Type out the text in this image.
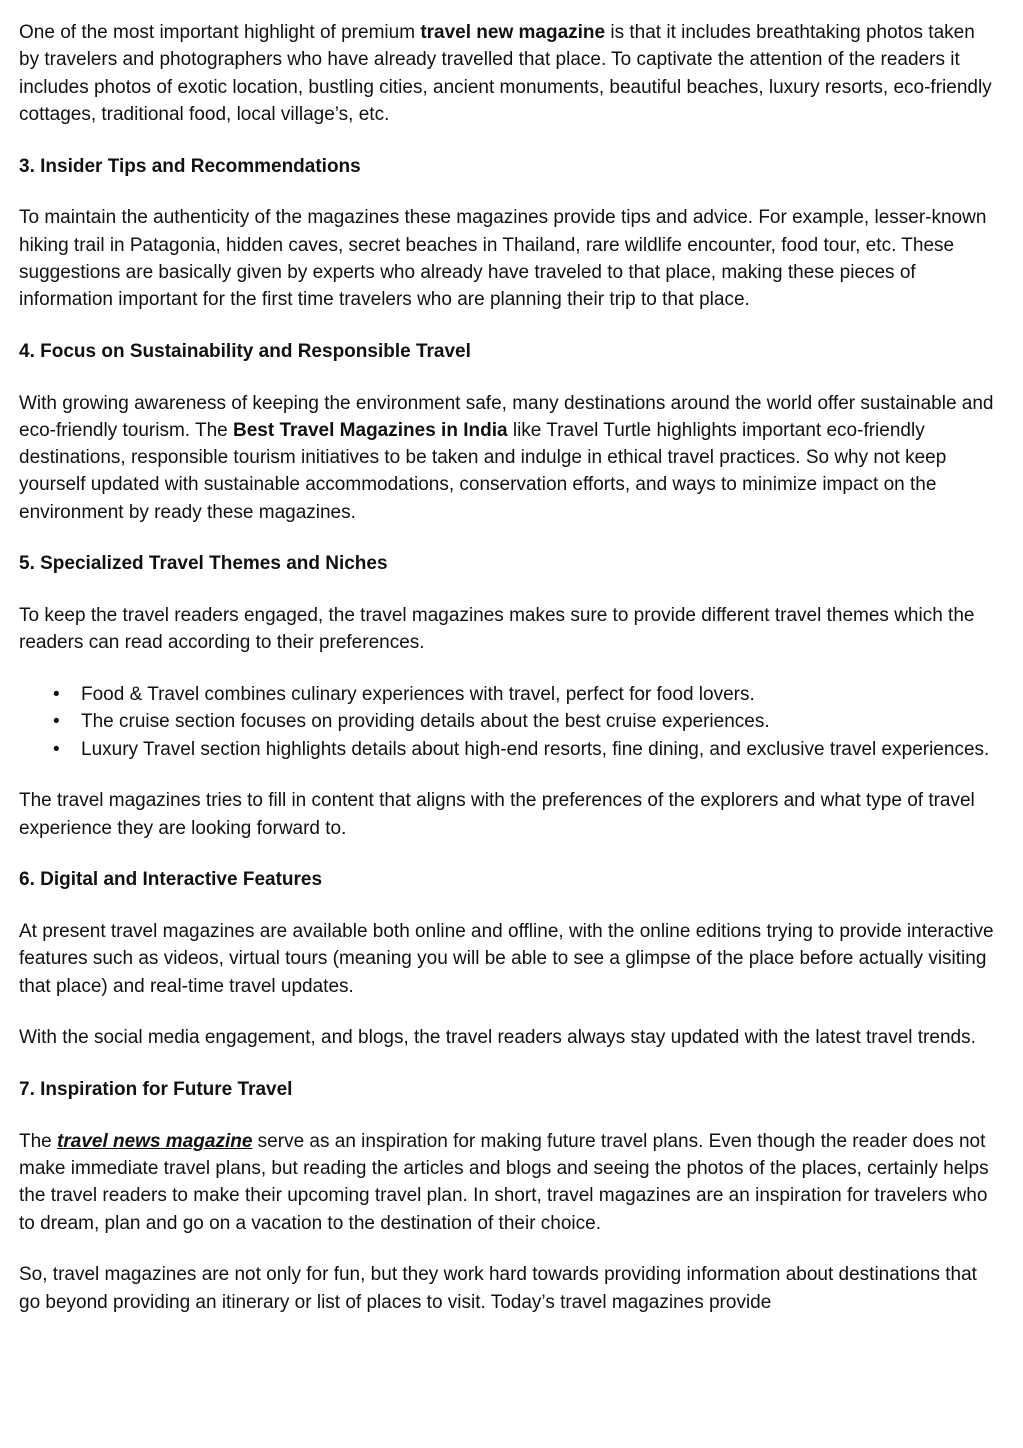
One of the most important highlight of premium travel new magazine is that it includes breathtaking photos taken by travelers and photographers who have already travelled that place. To captivate the attention of the readers it includes photos of exotic location, bustling cities, ancient monuments, beautiful beaches, luxury resorts, eco-friendly cottages, traditional food, local village’s, etc.

3. Insider Tips and Recommendations

To maintain the authenticity of the magazines these magazines provide tips and advice. For example, lesser-known hiking trail in Patagonia, hidden caves, secret beaches in Thailand, rare wildlife encounter, food tour, etc. These suggestions are basically given by experts who already have traveled to that place, making these pieces of information important for the first time travelers who are planning their trip to that place.

4. Focus on Sustainability and Responsible Travel

With growing awareness of keeping the environment safe, many destinations around the world offer sustainable and eco-friendly tourism. The Best Travel Magazines in India like Travel Turtle highlights important eco-friendly destinations, responsible tourism initiatives to be taken and indulge in ethical travel practices. So why not keep yourself updated with sustainable accommodations, conservation efforts, and ways to minimize impact on the environment by ready these magazines.

5. Specialized Travel Themes and Niches

To keep the travel readers engaged, the travel magazines makes sure to provide different travel themes which the readers can read according to their preferences.

• Food & Travel combines culinary experiences with travel, perfect for food lovers.
• The cruise section focuses on providing details about the best cruise experiences.
• Luxury Travel section highlights details about high-end resorts, fine dining, and exclusive travel experiences.

The travel magazines tries to fill in content that aligns with the preferences of the explorers and what type of travel experience they are looking forward to.

6. Digital and Interactive Features

At present travel magazines are available both online and offline, with the online editions trying to provide interactive features such as videos, virtual tours (meaning you will be able to see a glimpse of the place before actually visiting that place) and real-time travel updates.

With the social media engagement, and blogs, the travel readers always stay updated with the latest travel trends.

7. Inspiration for Future Travel

The travel news magazine serve as an inspiration for making future travel plans. Even though the reader does not make immediate travel plans, but reading the articles and blogs and seeing the photos of the places, certainly helps the travel readers to make their upcoming travel plan. In short, travel magazines are an inspiration for travelers who to dream, plan and go on a vacation to the destination of their choice.

So, travel magazines are not only for fun, but they work hard towards providing information about destinations that go beyond providing an itinerary or list of places to visit. Today’s travel magazines provide
